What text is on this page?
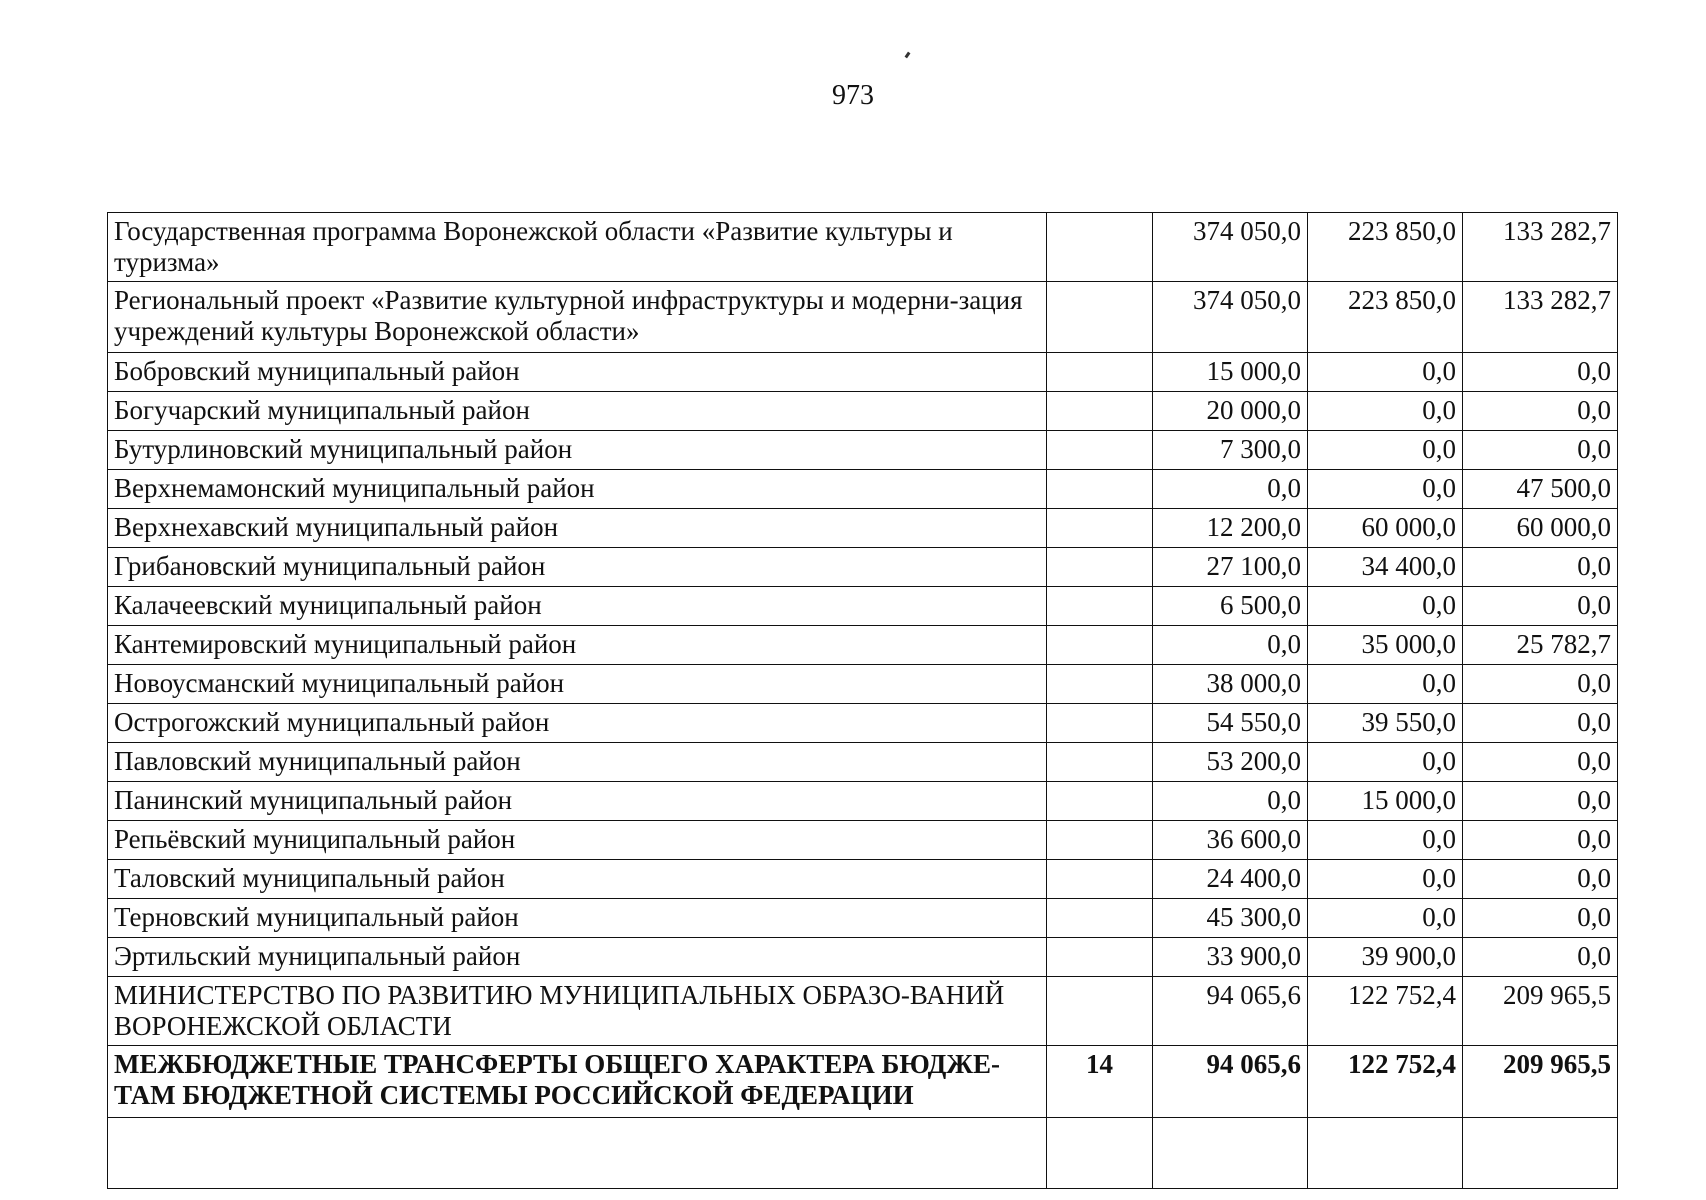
973
Государственная программа Воронежской области «Развитие культуры и туризма»		374 050,0	223 850,0	133 282,7
Региональный проект «Развитие культурной инфраструктуры и модерни-зация учреждений культуры Воронежской области»		374 050,0	223 850,0	133 282,7
Бобровский муниципальный район		15 000,0	0,0	0,0
Богучарский муниципальный район		20 000,0	0,0	0,0
Бутурлиновский муниципальный район		7 300,0	0,0	0,0
Верхнемамонский муниципальный район		0,0	0,0	47 500,0
Верхнехавский муниципальный район		12 200,0	60 000,0	60 000,0
Грибановский муниципальный район		27 100,0	34 400,0	0,0
Калачеевский муниципальный район		6 500,0	0,0	0,0
Кантемировский муниципальный район		0,0	35 000,0	25 782,7
Новоусманский муниципальный район		38 000,0	0,0	0,0
Острогожский муниципальный район		54 550,0	39 550,0	0,0
Павловский муниципальный район		53 200,0	0,0	0,0
Панинский муниципальный район		0,0	15 000,0	0,0
Репьёвский муниципальный район		36 600,0	0,0	0,0
Таловский муниципальный район		24 400,0	0,0	0,0
Терновский муниципальный район		45 300,0	0,0	0,0
Эртильский муниципальный район		33 900,0	39 900,0	0,0
МИНИСТЕРСТВО ПО РАЗВИТИЮ МУНИЦИПАЛЬНЫХ ОБРАЗО-ВАНИЙ ВОРОНЕЖСКОЙ ОБЛАСТИ		94 065,6	122 752,4	209 965,5
МЕЖБЮДЖЕТНЫЕ ТРАНСФЕРТЫ ОБЩЕГО ХАРАКТЕРА БЮДЖЕ-ТАМ БЮДЖЕТНОЙ СИСТЕМЫ РОССИЙСКОЙ ФЕДЕРАЦИИ	14	94 065,6	122 752,4	209 965,5
